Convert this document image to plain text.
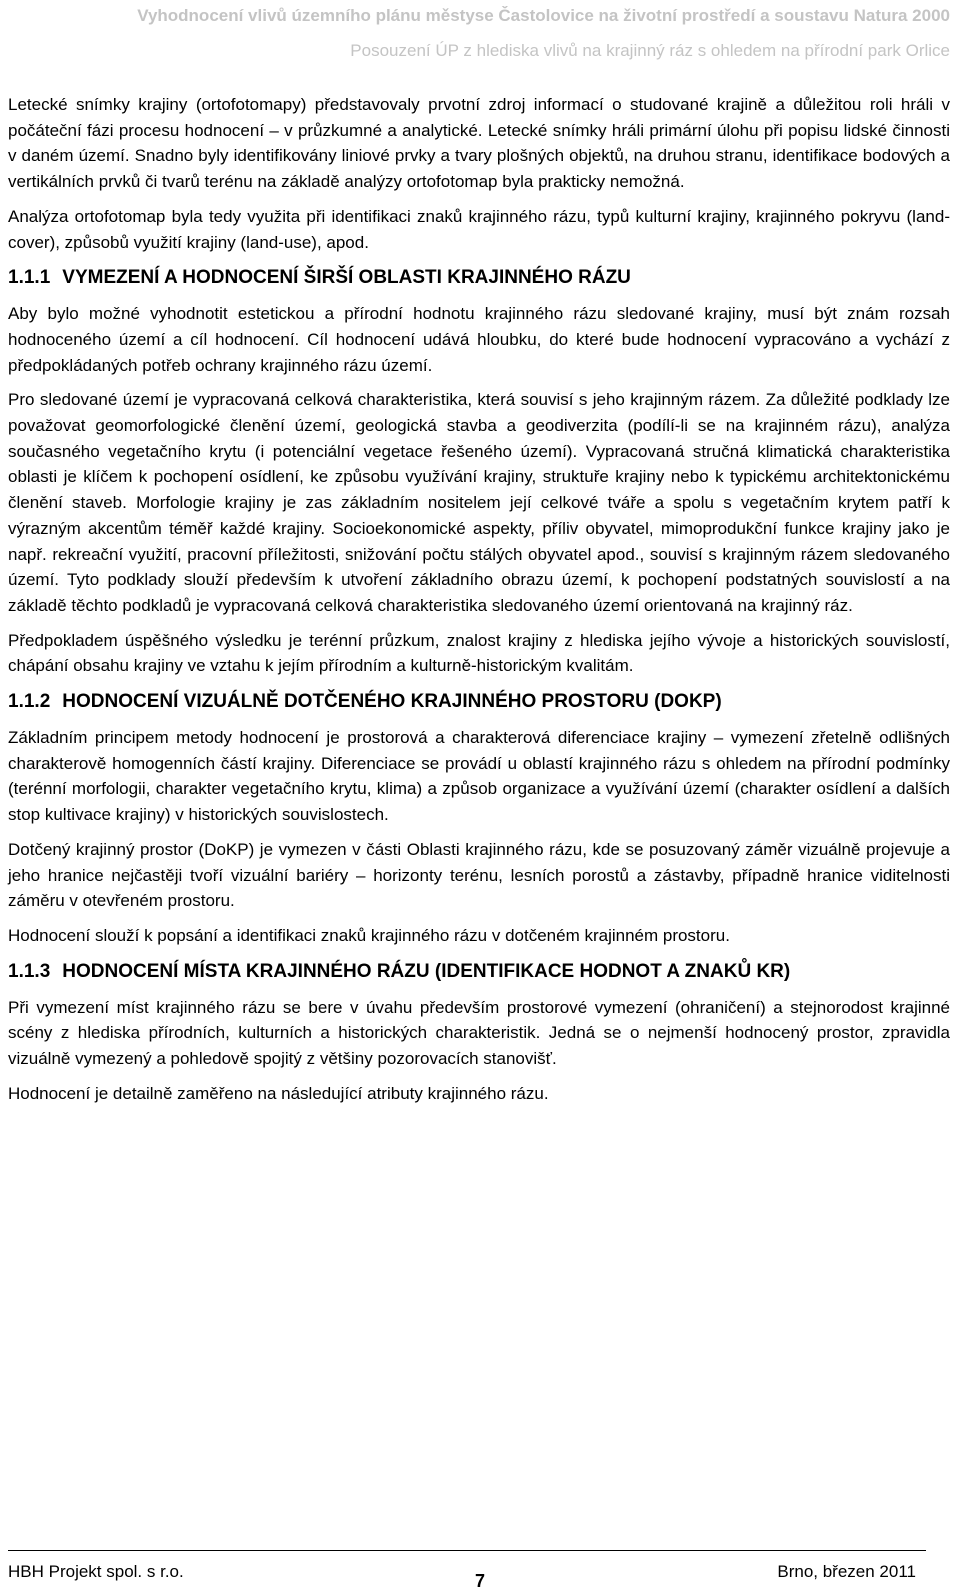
Vyhodnocení vlivů územního plánu městyse Častolovice na životní prostředí a soustavu Natura 2000
Posouzení ÚP z hlediska vlivů na krajinný ráz s ohledem na přírodní park Orlice

Letecké snímky krajiny (ortofotomapy) představovaly prvotní zdroj informací o studované krajině a důležitou roli hráli v počáteční fázi procesu hodnocení – v průzkumné a analytické. Letecké snímky hráli primární úlohu při popisu lidské činnosti v daném území. Snadno byly identifikovány liniové prvky a tvary plošných objektů, na druhou stranu, identifikace bodových a vertikálních prvků či tvarů terénu na základě analýzy ortofotomap byla prakticky nemožná.

Analýza ortofotomap byla tedy využita při identifikaci znaků krajinného rázu, typů kulturní krajiny, krajinného pokryvu (land-cover), způsobů využití krajiny (land-use), apod.

1.1.1 VYMEZENÍ A HODNOCENÍ ŠIRŠÍ OBLASTI KRAJINNÉHO RÁZU

Aby bylo možné vyhodnotit estetickou a přírodní hodnotu krajinného rázu sledované krajiny, musí být znám rozsah hodnoceného území a cíl hodnocení. Cíl hodnocení udává hloubku, do které bude hodnocení vypracováno a vychází z předpokládaných potřeb ochrany krajinného rázu území.

Pro sledované území je vypracovaná celková charakteristika, která souvisí s jeho krajinným rázem. Za důležité podklady lze považovat geomorfologické členění území, geologická stavba a geodiverzita (podílí-li se na krajinném rázu), analýza současného vegetačního krytu (i potenciální vegetace řešeného území). Vypracovaná stručná klimatická charakteristika oblasti je klíčem k pochopení osídlení, ke způsobu využívání krajiny, struktuře krajiny nebo k typickému architektonickému členění staveb. Morfologie krajiny je zas základním nositelem její celkové tváře a spolu s vegetačním krytem patří k výrazným akcentům téměř každé krajiny. Socioekonomické aspekty, příliv obyvatel, mimoprodukční funkce krajiny jako je např. rekreační využití, pracovní příležitosti, snižování počtu stálých obyvatel apod., souvisí s krajinným rázem sledovaného území. Tyto podklady slouží především k utvoření základního obrazu území, k pochopení podstatných souvislostí a na základě těchto podkladů je vypracovaná celková charakteristika sledovaného území orientovaná na krajinný ráz.

Předpokladem úspěšného výsledku je terénní průzkum, znalost krajiny z hlediska jejího vývoje a historických souvislostí, chápání obsahu krajiny ve vztahu k jejím přírodním a kulturně-historickým kvalitám.

1.1.2 HODNOCENÍ VIZUÁLNĚ DOTČENÉHO KRAJINNÉHO PROSTORU (DOKP)

Základním principem metody hodnocení je prostorová a charakterová diferenciace krajiny – vymezení zřetelně odlišných charakterově homogenních částí krajiny. Diferenciace se provádí u oblastí krajinného rázu s ohledem na přírodní podmínky (terénní morfologii, charakter vegetačního krytu, klima) a způsob organizace a využívání území (charakter osídlení a dalších stop kultivace krajiny) v historických souvislostech.

Dotčený krajinný prostor (DoKP) je vymezen v části Oblasti krajinného rázu, kde se posuzovaný záměr vizuálně projevuje a jeho hranice nejčastěji tvoří vizuální bariéry – horizonty terénu, lesních porostů a zástavby, případně hranice viditelnosti záměru v otevřeném prostoru.

Hodnocení slouží k popsání a identifikaci znaků krajinného rázu v dotčeném krajinném prostoru.

1.1.3 HODNOCENÍ MÍSTA KRAJINNÉHO RÁZU (IDENTIFIKACE HODNOT A ZNAKŮ KR)

Při vymezení míst krajinného rázu se bere v úvahu především prostorové vymezení (ohraničení) a stejnorodost krajinné scény z hlediska přírodních, kulturních a historických charakteristik. Jedná se o nejmenší hodnocený prostor, zpravidla vizuálně vymezený a pohledově spojitý z většiny pozorovacích stanovišť.

Hodnocení je detailně zaměřeno na následující atributy krajinného rázu.

HBH Projekt spol. s r.o.	7	Brno, březen 2011
